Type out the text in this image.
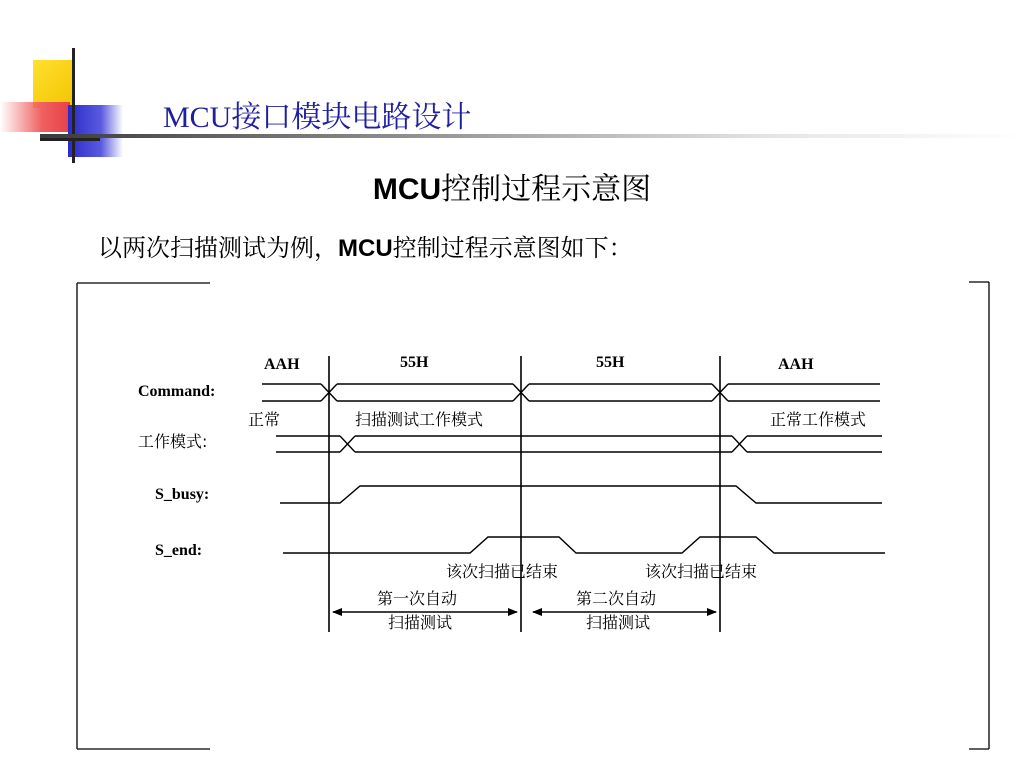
MCU接口模块电路设计
MCU控制过程示意图
以两次扫描测试为例，MCU控制过程示意图如下：
AAH	55H	55H	AAH
Command:
工作模式:
S_busy:
S_end:
正常	扫描测试工作模式	正常工作模式
该次扫描已结束	该次扫描已结束
第一次自动
扫描测试
第二次自动
扫描测试
